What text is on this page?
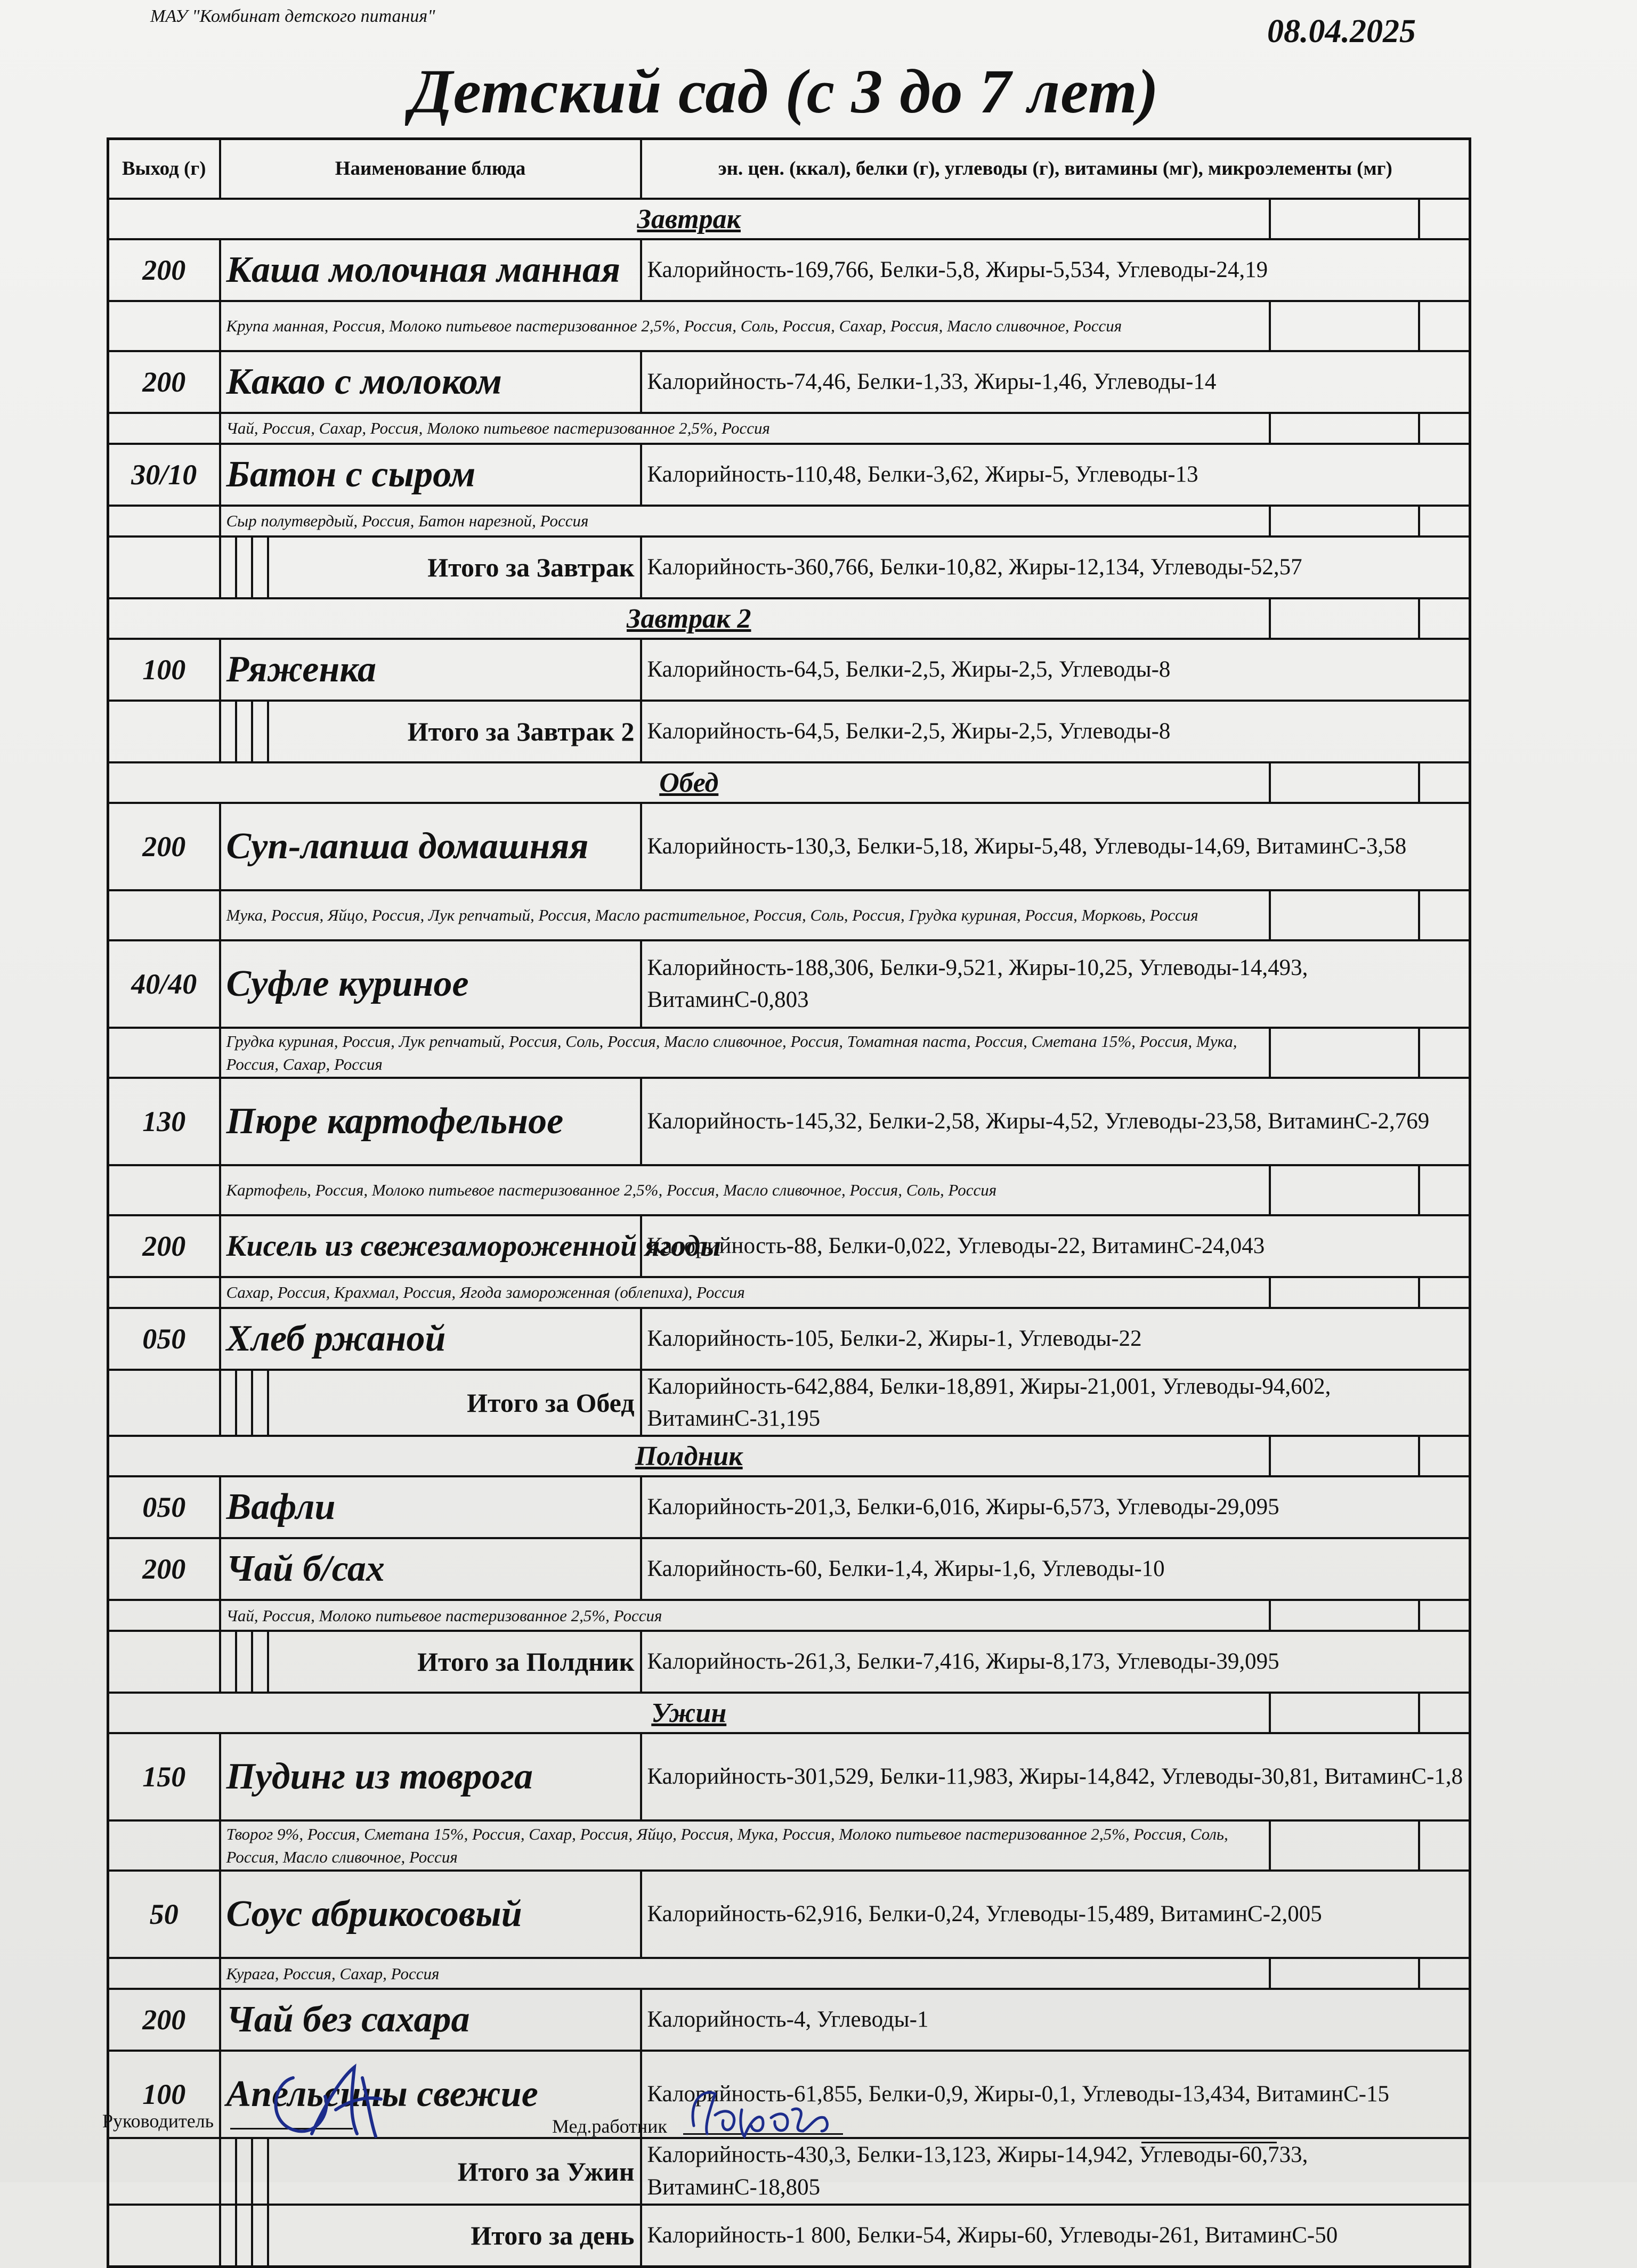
МАУ "Комбинат детского питания"	08.04.2025
Детский сад (с 3 до 7 лет)
Выход (г)	Наименование блюда				эн. цен. (ккал), белки (г), углеводы (г), витамины (мг), микроэлементы (мг)		
Завтрак							
200	Каша молочная манная				Калорийность-169,766, Белки-5,8, Жиры-5,534, Углеводы-24,19		
	Крупа манная, Россия, Молоко питьевое пастеризованное 2,5%, Россия, Соль, Россия, Сахар, Россия, Масло сливочное, Россия						
200	Какао с молоком				Калорийность-74,46, Белки-1,33, Жиры-1,46, Углеводы-14		
	Чай, Россия, Сахар, Россия, Молоко питьевое пастеризованное 2,5%, Россия						
30/10	Батон с сыром				Калорийность-110,48, Белки-3,62, Жиры-5, Углеводы-13		
	Сыр полутвердый, Россия, Батон нарезной, Россия						
				Итого за Завтрак	Калорийность-360,766, Белки-10,82, Жиры-12,134, Углеводы-52,57		
Завтрак 2							
100	Ряженка				Калорийность-64,5, Белки-2,5, Жиры-2,5, Углеводы-8		
				Итого за Завтрак 2	Калорийность-64,5, Белки-2,5, Жиры-2,5, Углеводы-8		
Обед							
200	Суп-лапша домашняя				Калорийность-130,3, Белки-5,18, Жиры-5,48, Углеводы-14,69, ВитаминС-3,58		
	Мука, Россия, Яйцо, Россия, Лук репчатый, Россия, Масло растительное, Россия, Соль, Россия, Грудка куриная, Россия, Морковь, Россия						
40/40	Суфле куриное				Калорийность-188,306, Белки-9,521, Жиры-10,25, Углеводы-14,493, ВитаминС-0,803		
	Грудка куриная, Россия, Лук репчатый, Россия, Соль, Россия, Масло сливочное, Россия, Томатная паста, Россия, Сметана 15%, Россия, Мука, Россия, Сахар, Россия						
130	Пюре картофельное				Калорийность-145,32, Белки-2,58, Жиры-4,52, Углеводы-23,58, ВитаминС-2,769		
	Картофель, Россия, Молоко питьевое пастеризованное 2,5%, Россия, Масло сливочное, Россия, Соль, Россия						
200	Кисель из свежезамороженной ягоды				Калорийность-88, Белки-0,022, Углеводы-22, ВитаминС-24,043		
	Сахар, Россия, Крахмал, Россия, Ягода замороженная (облепиха), Россия						
050	Хлеб ржаной				Калорийность-105, Белки-2, Жиры-1, Углеводы-22		
				Итого за Обед	Калорийность-642,884, Белки-18,891, Жиры-21,001, Углеводы-94,602, ВитаминС-31,195		
Полдник							
050	Вафли				Калорийность-201,3, Белки-6,016, Жиры-6,573, Углеводы-29,095		
200	Чай б/сах				Калорийность-60, Белки-1,4, Жиры-1,6, Углеводы-10		
	Чай, Россия, Молоко питьевое пастеризованное 2,5%, Россия						
				Итого за Полдник	Калорийность-261,3, Белки-7,416, Жиры-8,173, Углеводы-39,095		
Ужин							
150	Пудинг из товрога				Калорийность-301,529, Белки-11,983, Жиры-14,842, Углеводы-30,81, ВитаминС-1,8		
	Творог 9%, Россия, Сметана 15%, Россия, Сахар, Россия, Яйцо, Россия, Мука, Россия, Молоко питьевое пастеризованное 2,5%, Россия, Соль, Россия, Масло сливочное, Россия						
50	Соус абрикосовый				Калорийность-62,916, Белки-0,24, Углеводы-15,489, ВитаминС-2,005		
	Курага, Россия, Сахар, Россия						
200	Чай без сахара				Калорийность-4, Углеводы-1		
100	Апельсины свежие				Калорийность-61,855, Белки-0,9, Жиры-0,1, Углеводы-13,434, ВитаминС-15		
				Итого за Ужин	Калорийность-430,3, Белки-13,123, Жиры-14,942, Углеводы-60,733, ВитаминС-18,805		
				Итого за день	Калорийность-1 800, Белки-54, Жиры-60, Углеводы-261, ВитаминС-50		
Руководитель	Мед.работник
